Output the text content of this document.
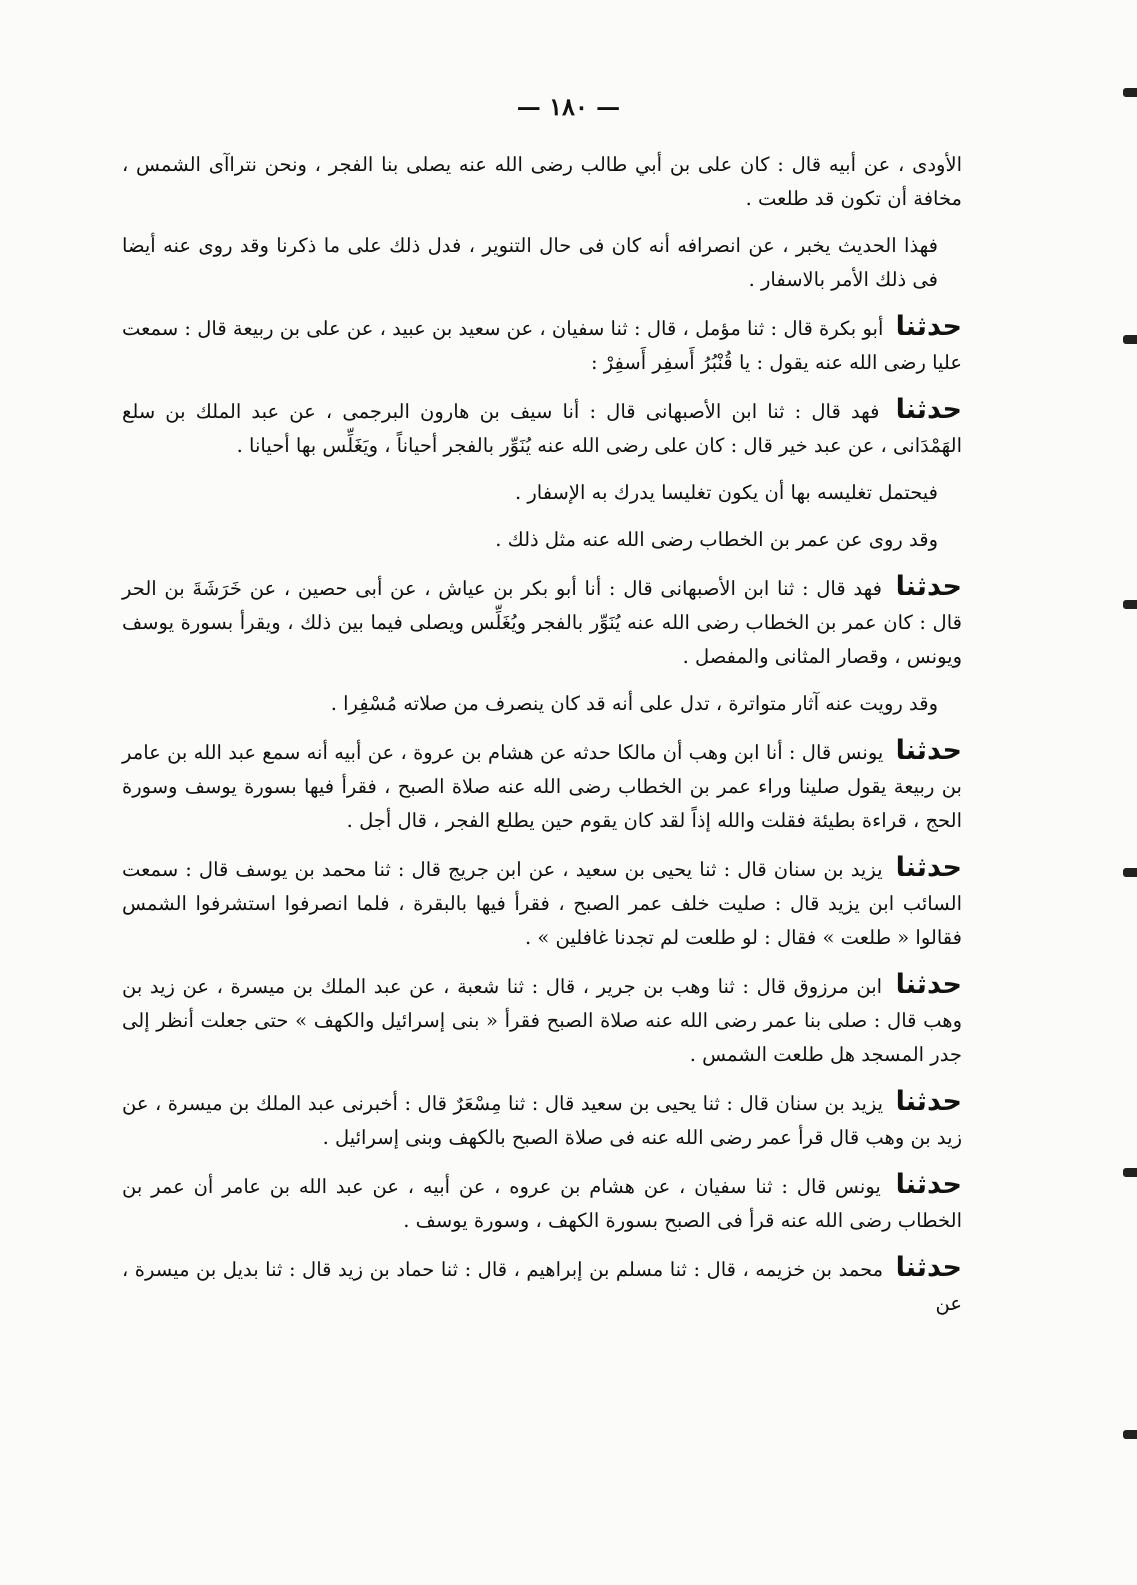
— ١٨٠ —

الأودى ، عن أبيه قال : كان على بن أبي طالب رضى الله عنه يصلى بنا الفجر ، ونحن نتراآى الشمس ، مخافة أن تكون قد طلعت .

فهذا الحديث يخبر ، عن انصرافه أنه كان فى حال التنوير ، فدل ذلك على ما ذكرنا وقد روى عنه أيضا فى ذلك الأمر بالاسفار .

حدثنا أبو بكرة قال : ثنا مؤمل ، قال : ثنا سفيان ، عن سعيد بن عبيد ، عن على بن ربيعة قال : سمعت عليا رضى الله عنه يقول : يا قُنْبُرُ أَسفِر أَسفِرْ :

حدثنا فهد قال : ثنا ابن الأصبهانى قال : أنا سيف بن هارون البرجمى ، عن عبد الملك بن سلع الهَمْدَانى ، عن عبد خير قال : كان على رضى الله عنه يُنَوِّر بالفجر أحياناً ، ويَغَلِّس بها أحيانا .

فيحتمل تغليسه بها أن يكون تغليسا يدرك به الإسفار .

وقد روى عن عمر بن الخطاب رضى الله عنه مثل ذلك .

حدثنا فهد قال : ثنا ابن الأصبهانى قال : أنا أبو بكر بن عياش ، عن أبى حصين ، عن خَرَشَةَ بن الحر قال : كان عمر بن الخطاب رضى الله عنه يُنَوِّر بالفجر ويُغَلِّس ويصلى فيما بين ذلك ، ويقرأ بسورة يوسف ويونس ، وقصار المثانى والمفصل .

وقد رويت عنه آثار متواترة ، تدل على أنه قد كان ينصرف من صلاته مُسْفِرا .

حدثنا يونس قال : أنا ابن وهب أن مالكا حدثه عن هشام بن عروة ، عن أبيه أنه سمع عبد الله بن عامر بن ربيعة يقول صلينا وراء عمر بن الخطاب رضى الله عنه صلاة الصبح ، فقرأ فيها بسورة يوسف وسورة الحج ، قراءة بطيئة فقلت والله إذاً لقد كان يقوم حين يطلع الفجر ، قال أجل .

حدثنا يزيد بن سنان قال : ثنا يحيى بن سعيد ، عن ابن جريج قال : ثنا محمد بن يوسف قال : سمعت السائب ابن يزيد قال : صليت خلف عمر الصبح ، فقرأ فيها بالبقرة ، فلما انصرفوا استشرفوا الشمس فقالوا « طلعت » فقال : لو طلعت لم تجدنا غافلين » .

حدثنا ابن مرزوق قال : ثنا وهب بن جرير ، قال : ثنا شعبة ، عن عبد الملك بن ميسرة ، عن زيد بن وهب قال : صلى بنا عمر رضى الله عنه صلاة الصبح فقرأ « بنى إسرائيل والكهف » حتى جعلت أنظر إلى جدر المسجد هل طلعت الشمس .

حدثنا يزيد بن سنان قال : ثنا يحيى بن سعيد قال : ثنا مِسْعَرٌ قال : أخبرنى عبد الملك بن ميسرة ، عن زيد بن وهب قال قرأ عمر رضى الله عنه فى صلاة الصبح بالكهف وبنى إسرائيل .

حدثنا يونس قال : ثنا سفيان ، عن هشام بن عروه ، عن أبيه ، عن عبد الله بن عامر أن عمر بن الخطاب رضى الله عنه قرأ فى الصبح بسورة الكهف ، وسورة يوسف .

حدثنا محمد بن خزيمه ، قال : ثنا مسلم بن إبراهيم ، قال : ثنا حماد بن زيد قال : ثنا بديل بن ميسرة ، عن
